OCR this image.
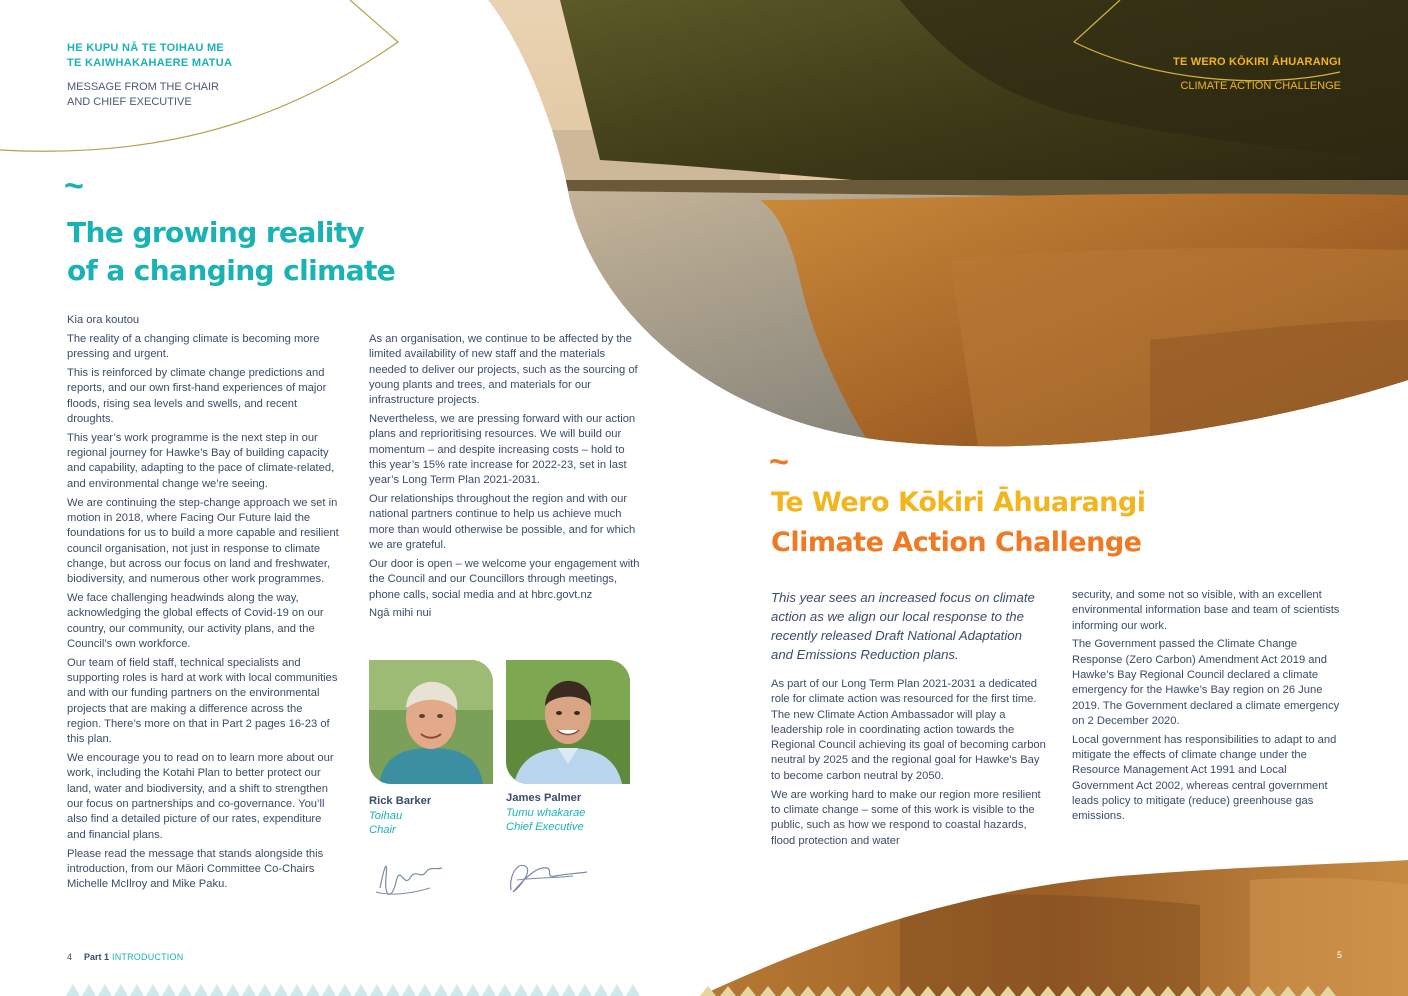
HE KUPU NĀ TE TOIHAU ME
TE KAIWHAKAHAERE MATUA
MESSAGE FROM THE CHAIR
AND CHIEF EXECUTIVE
~
The growing reality
of a changing climate

Kia ora koutou

The reality of a changing climate is becoming more pressing and urgent.

This is reinforced by climate change predictions and reports, and our own first-hand experiences of major floods, rising sea levels and swells, and recent droughts.

This year’s work programme is the next step in our regional journey for Hawke’s Bay of building capacity and capability, adapting to the pace of climate-related, and environmental change we’re seeing.

We are continuing the step-change approach we set in motion in 2018, where Facing Our Future laid the foundations for us to build a more capable and resilient council organisation, not just in response to climate change, but across our focus on land and freshwater, biodiversity, and numerous other work programmes.

We face challenging headwinds along the way, acknowledging the global effects of Covid-19 on our country, our community, our activity plans, and the Council’s own workforce.

Our team of field staff, technical specialists and supporting roles is hard at work with local communities and with our funding partners on the environmental projects that are making a difference across the region. There’s more on that in Part 2 pages 16-23 of this plan.

We encourage you to read on to learn more about our work, including the Kotahi Plan to better protect our land, water and biodiversity, and a shift to strengthen our focus on partnerships and co-governance. You’ll also find a detailed picture of our rates, expenditure and financial plans.

Please read the message that stands alongside this introduction, from our Māori Committee Co-Chairs Michelle McIlroy and Mike Paku.

As an organisation, we continue to be affected by the limited availability of new staff and the materials needed to deliver our projects, such as the sourcing of young plants and trees, and materials for our infrastructure projects.

Nevertheless, we are pressing forward with our action plans and reprioritising resources. We will build our momentum – and despite increasing costs – hold to this year’s 15% rate increase for 2022-23, set in last year’s Long Term Plan 2021-2031.

Our relationships throughout the region and with our national partners continue to help us achieve much more than would otherwise be possible, and for which we are grateful.

Our door is open – we welcome your engagement with the Council and our Councillors through meetings, phone calls, social media and at hbrc.govt.nz

Ngā mihi nui

Rick Barker
Toihau
Chair
James Palmer
Tumu whakarae
Chief Executive
4 Part 1 INTRODUCTION
TE WERO KŌKIRI ĀHUARANGI
CLIMATE ACTION CHALLENGE
~
Te Wero Kōkiri Āhuarangi
Climate Action Challenge
This year sees an increased focus on climate action as we align our local response to the recently released Draft National Adaptation and Emissions Reduction plans.

As part of our Long Term Plan 2021-2031 a dedicated role for climate action was resourced for the first time. The new Climate Action Ambassador will play a leadership role in coordinating action towards the Regional Council achieving its goal of becoming carbon neutral by 2025 and the regional goal for Hawke’s Bay to become carbon neutral by 2050.

We are working hard to make our region more resilient to climate change – some of this work is visible to the public, such as how we respond to coastal hazards, flood protection and water

security, and some not so visible, with an excellent environmental information base and team of scientists informing our work.

The Government passed the Climate Change Response (Zero Carbon) Amendment Act 2019 and Hawke’s Bay Regional Council declared a climate emergency for the Hawke’s Bay region on 26 June 2019. The Government declared a climate emergency on 2 December 2020.

Local government has responsibilities to adapt to and mitigate the effects of climate change under the Resource Management Act 1991 and Local Government Act 2002, whereas central government leads policy to mitigate (reduce) greenhouse gas emissions.

5
